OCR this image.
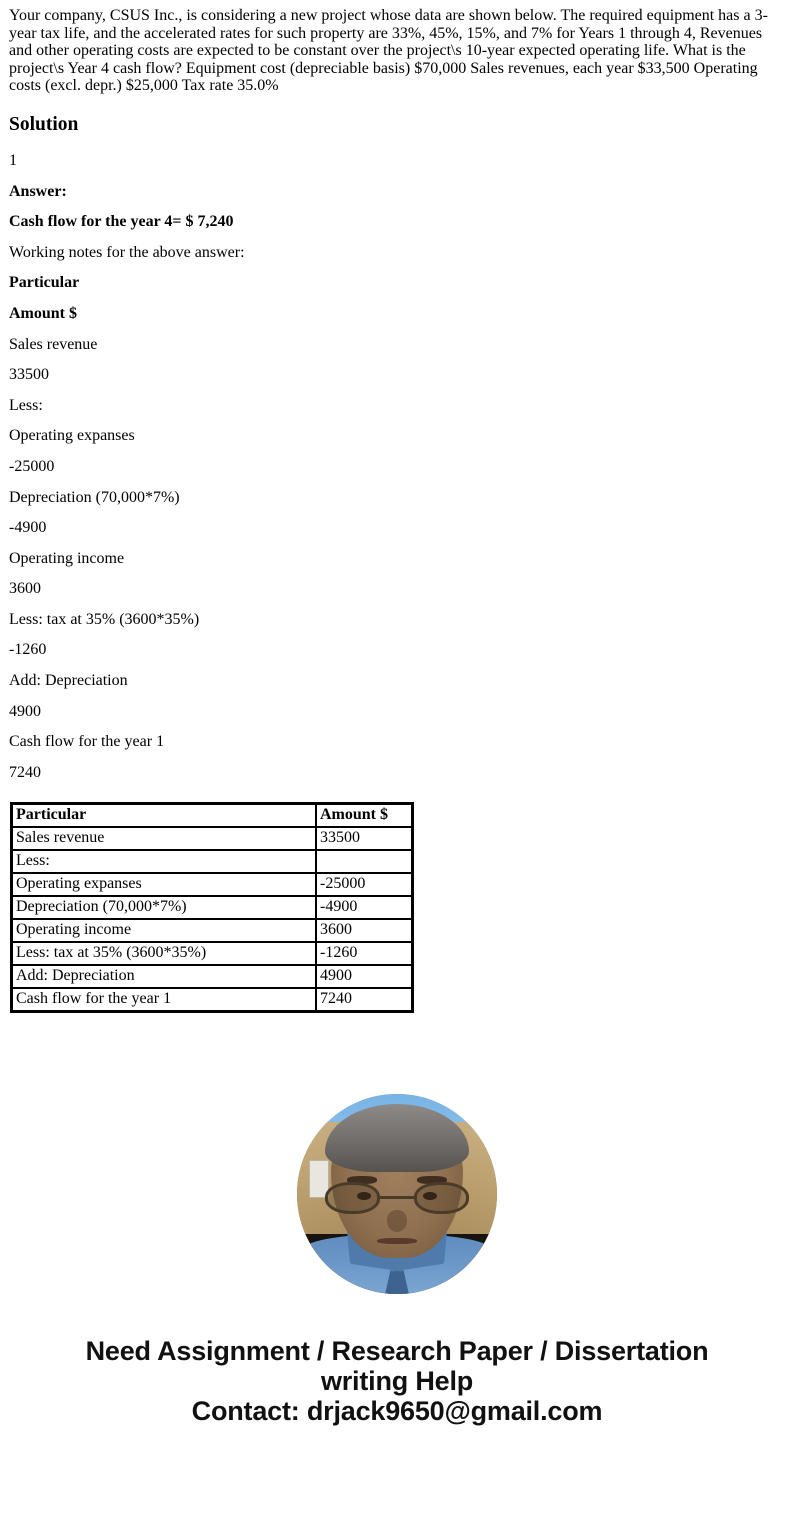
Your company, CSUS Inc., is considering a new project whose data are shown below. The required equipment has a 3-year tax life, and the accelerated rates for such property are 33%, 45%, 15%, and 7% for Years 1 through 4, Revenues and other operating costs are expected to be constant over the project\s 10-year expected operating life. What is the project\s Year 4 cash flow? Equipment cost (depreciable basis) $70,000 Sales revenues, each year $33,500 Operating costs (excl. depr.) $25,000 Tax rate 35.0%

Solution

1

Answer:

Cash flow for the year 4= $ 7,240

Working notes for the above answer:

Particular

Amount $

Sales revenue

33500

Less:

Operating expanses

-25000

Depreciation (70,000*7%)

-4900

Operating income

3600

Less: tax at 35% (3600*35%)

-1260

Add: Depreciation

4900

Cash flow for the year 1

7240

Particular	Amount $
Sales revenue	33500
Less:	
Operating expanses	-25000
Depreciation (70,000*7%)	-4900
Operating income	3600
Less: tax at 35% (3600*35%)	-1260
Add: Depreciation	4900
Cash flow for the year 1	7240
Need Assignment / Research Paper / Dissertation
writing Help
Contact: drjack9650@gmail.com
